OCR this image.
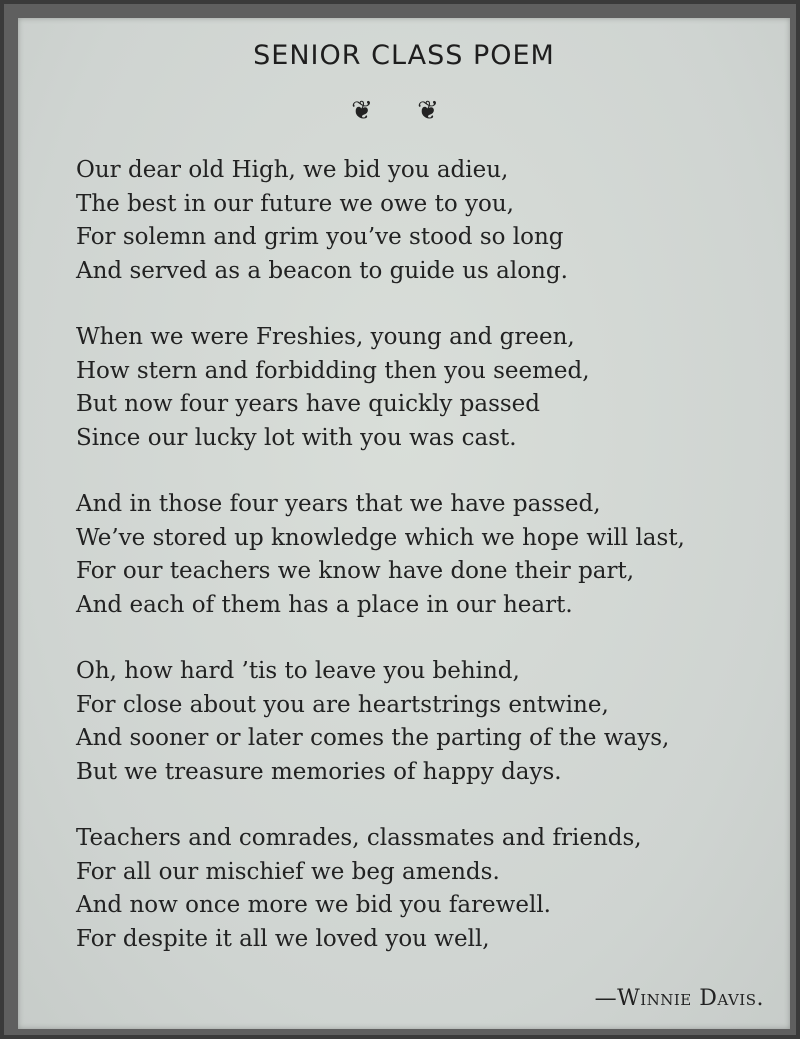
SENIOR CLASS POEM
❦ ❦
Our dear old High, we bid you adieu,
The best in our future we owe to you,
For solemn and grim you’ve stood so long
And served as a beacon to guide us along.
When we were Freshies, young and green,
How stern and forbidding then you seemed,
But now four years have quickly passed
Since our lucky lot with you was cast.
And in those four years that we have passed,
We’ve stored up knowledge which we hope will last,
For our teachers we know have done their part,
And each of them has a place in our heart.
Oh, how hard ’tis to leave you behind,
For close about you are heartstrings entwine,
And sooner or later comes the parting of the ways,
But we treasure memories of happy days.
Teachers and comrades, classmates and friends,
For all our mischief we beg amends.
And now once more we bid you farewell.
For despite it all we loved you well,
—Winnie Davis.
